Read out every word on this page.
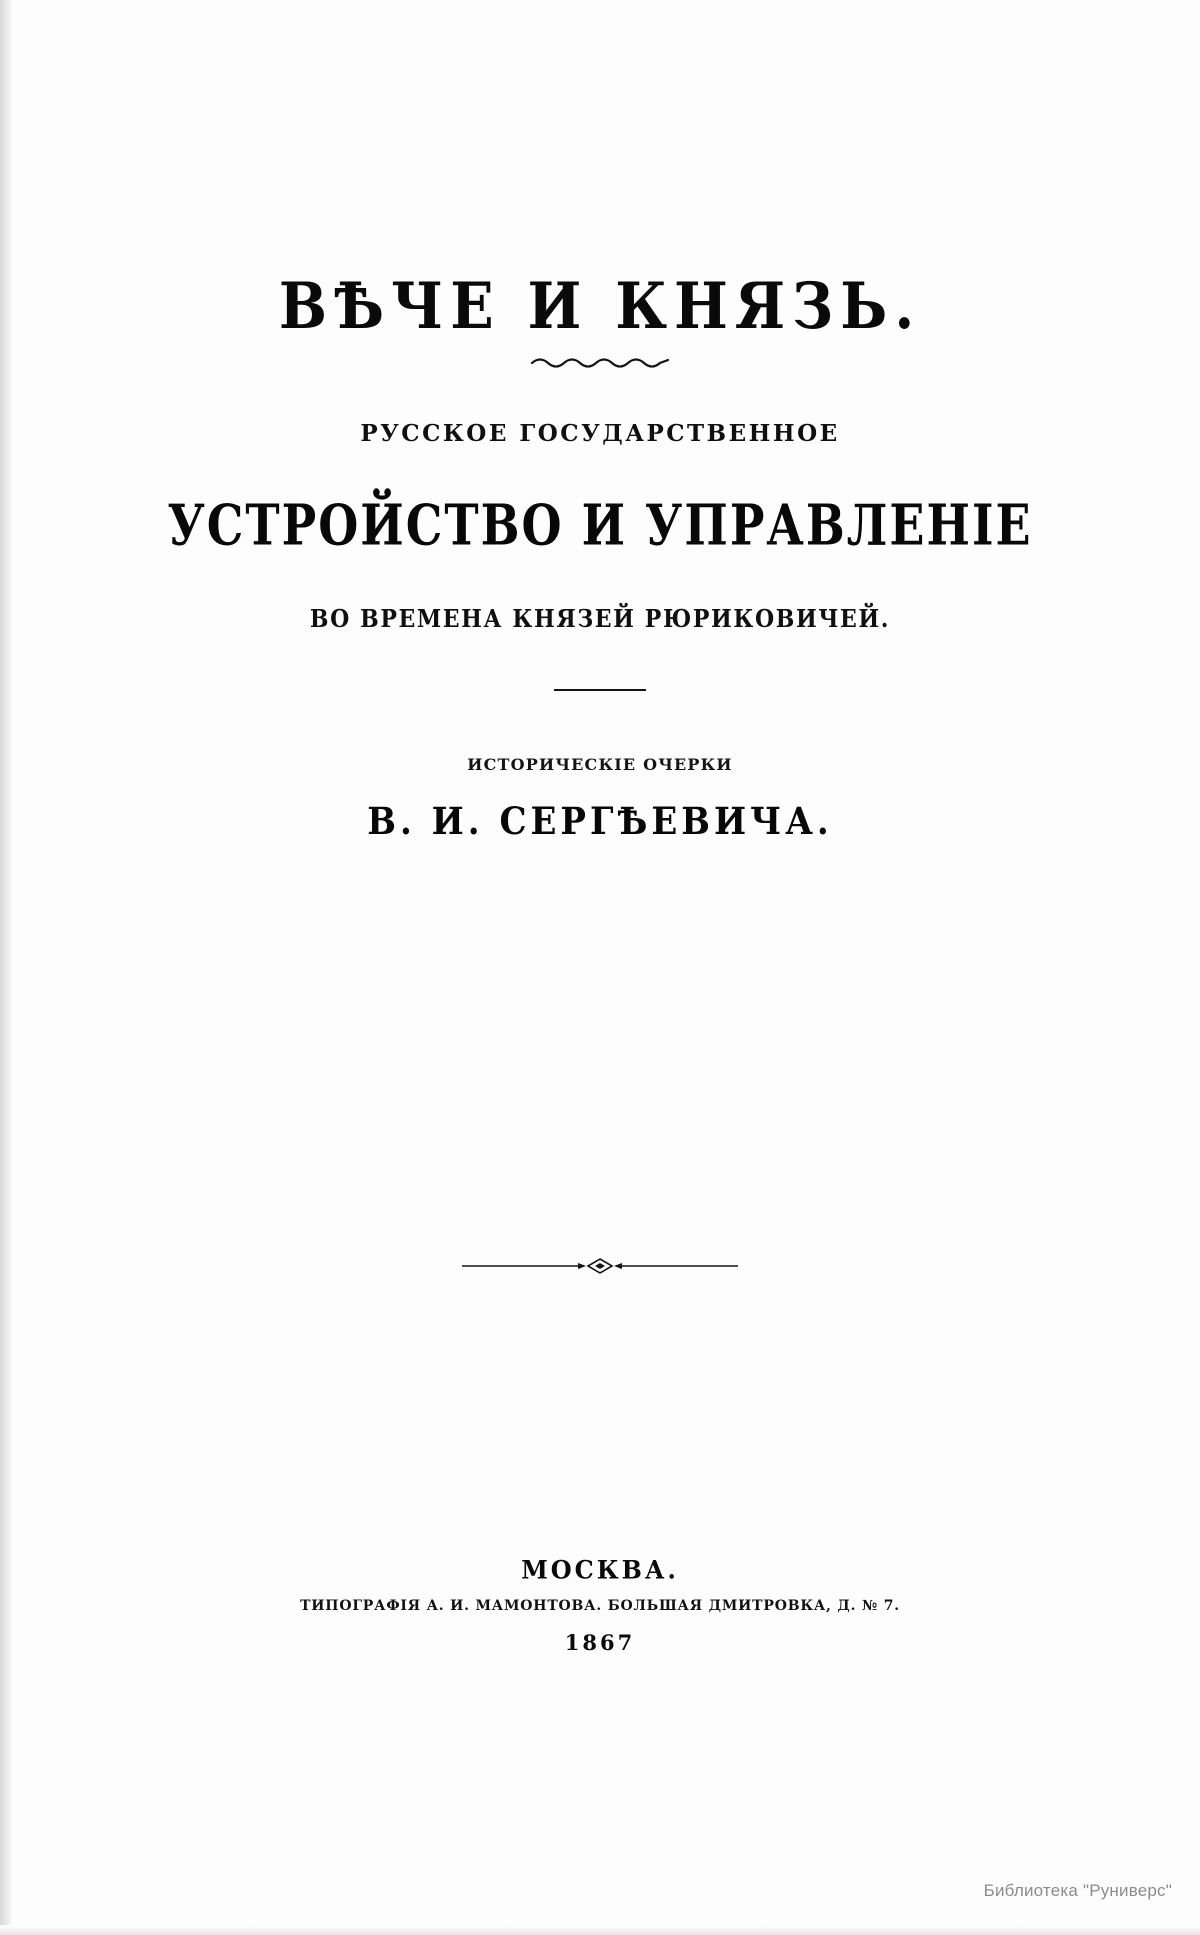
ВѢЧЕ И КНЯЗЬ.

РУССКОЕ ГОСУДАРСТВЕННОЕ

УСТРОЙСТВО И УПРАВЛЕНІЕ

ВО ВРЕМЕНА КНЯЗЕЙ РЮРИКОВИЧЕЙ.

ИСТОРИЧЕСКІЕ ОЧЕРКИ

В. И. СЕРГѢЕВИЧА.

МОСКВА.
ТИПОГРАФІЯ А. И. МАМОНТОВА. БОЛЬШАЯ ДМИТРОВКА, Д. № 7.
1867
Библиотека "Руниверс"
